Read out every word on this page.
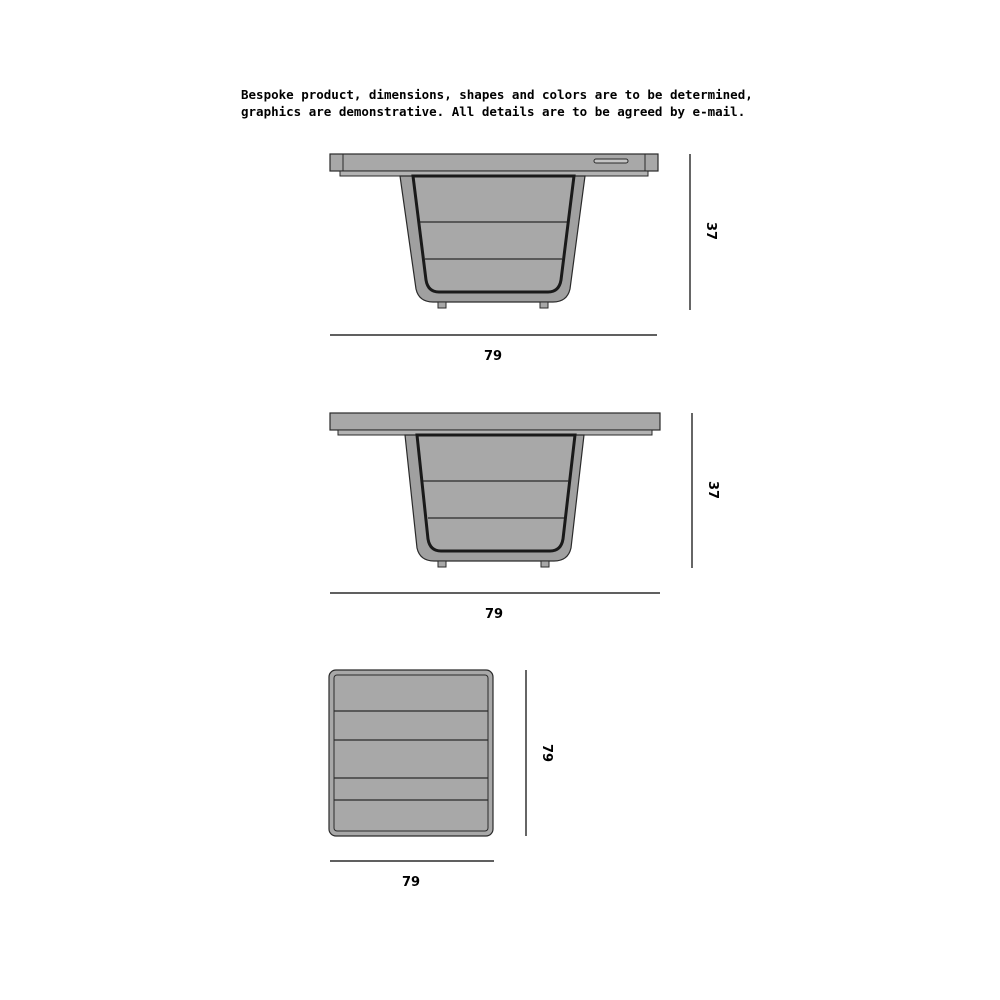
Bespoke product, dimensions, shapes and colors are to be determined,
graphics are demonstrative. All details are to be agreed by e-mail.
37
79
37
79
79
79
